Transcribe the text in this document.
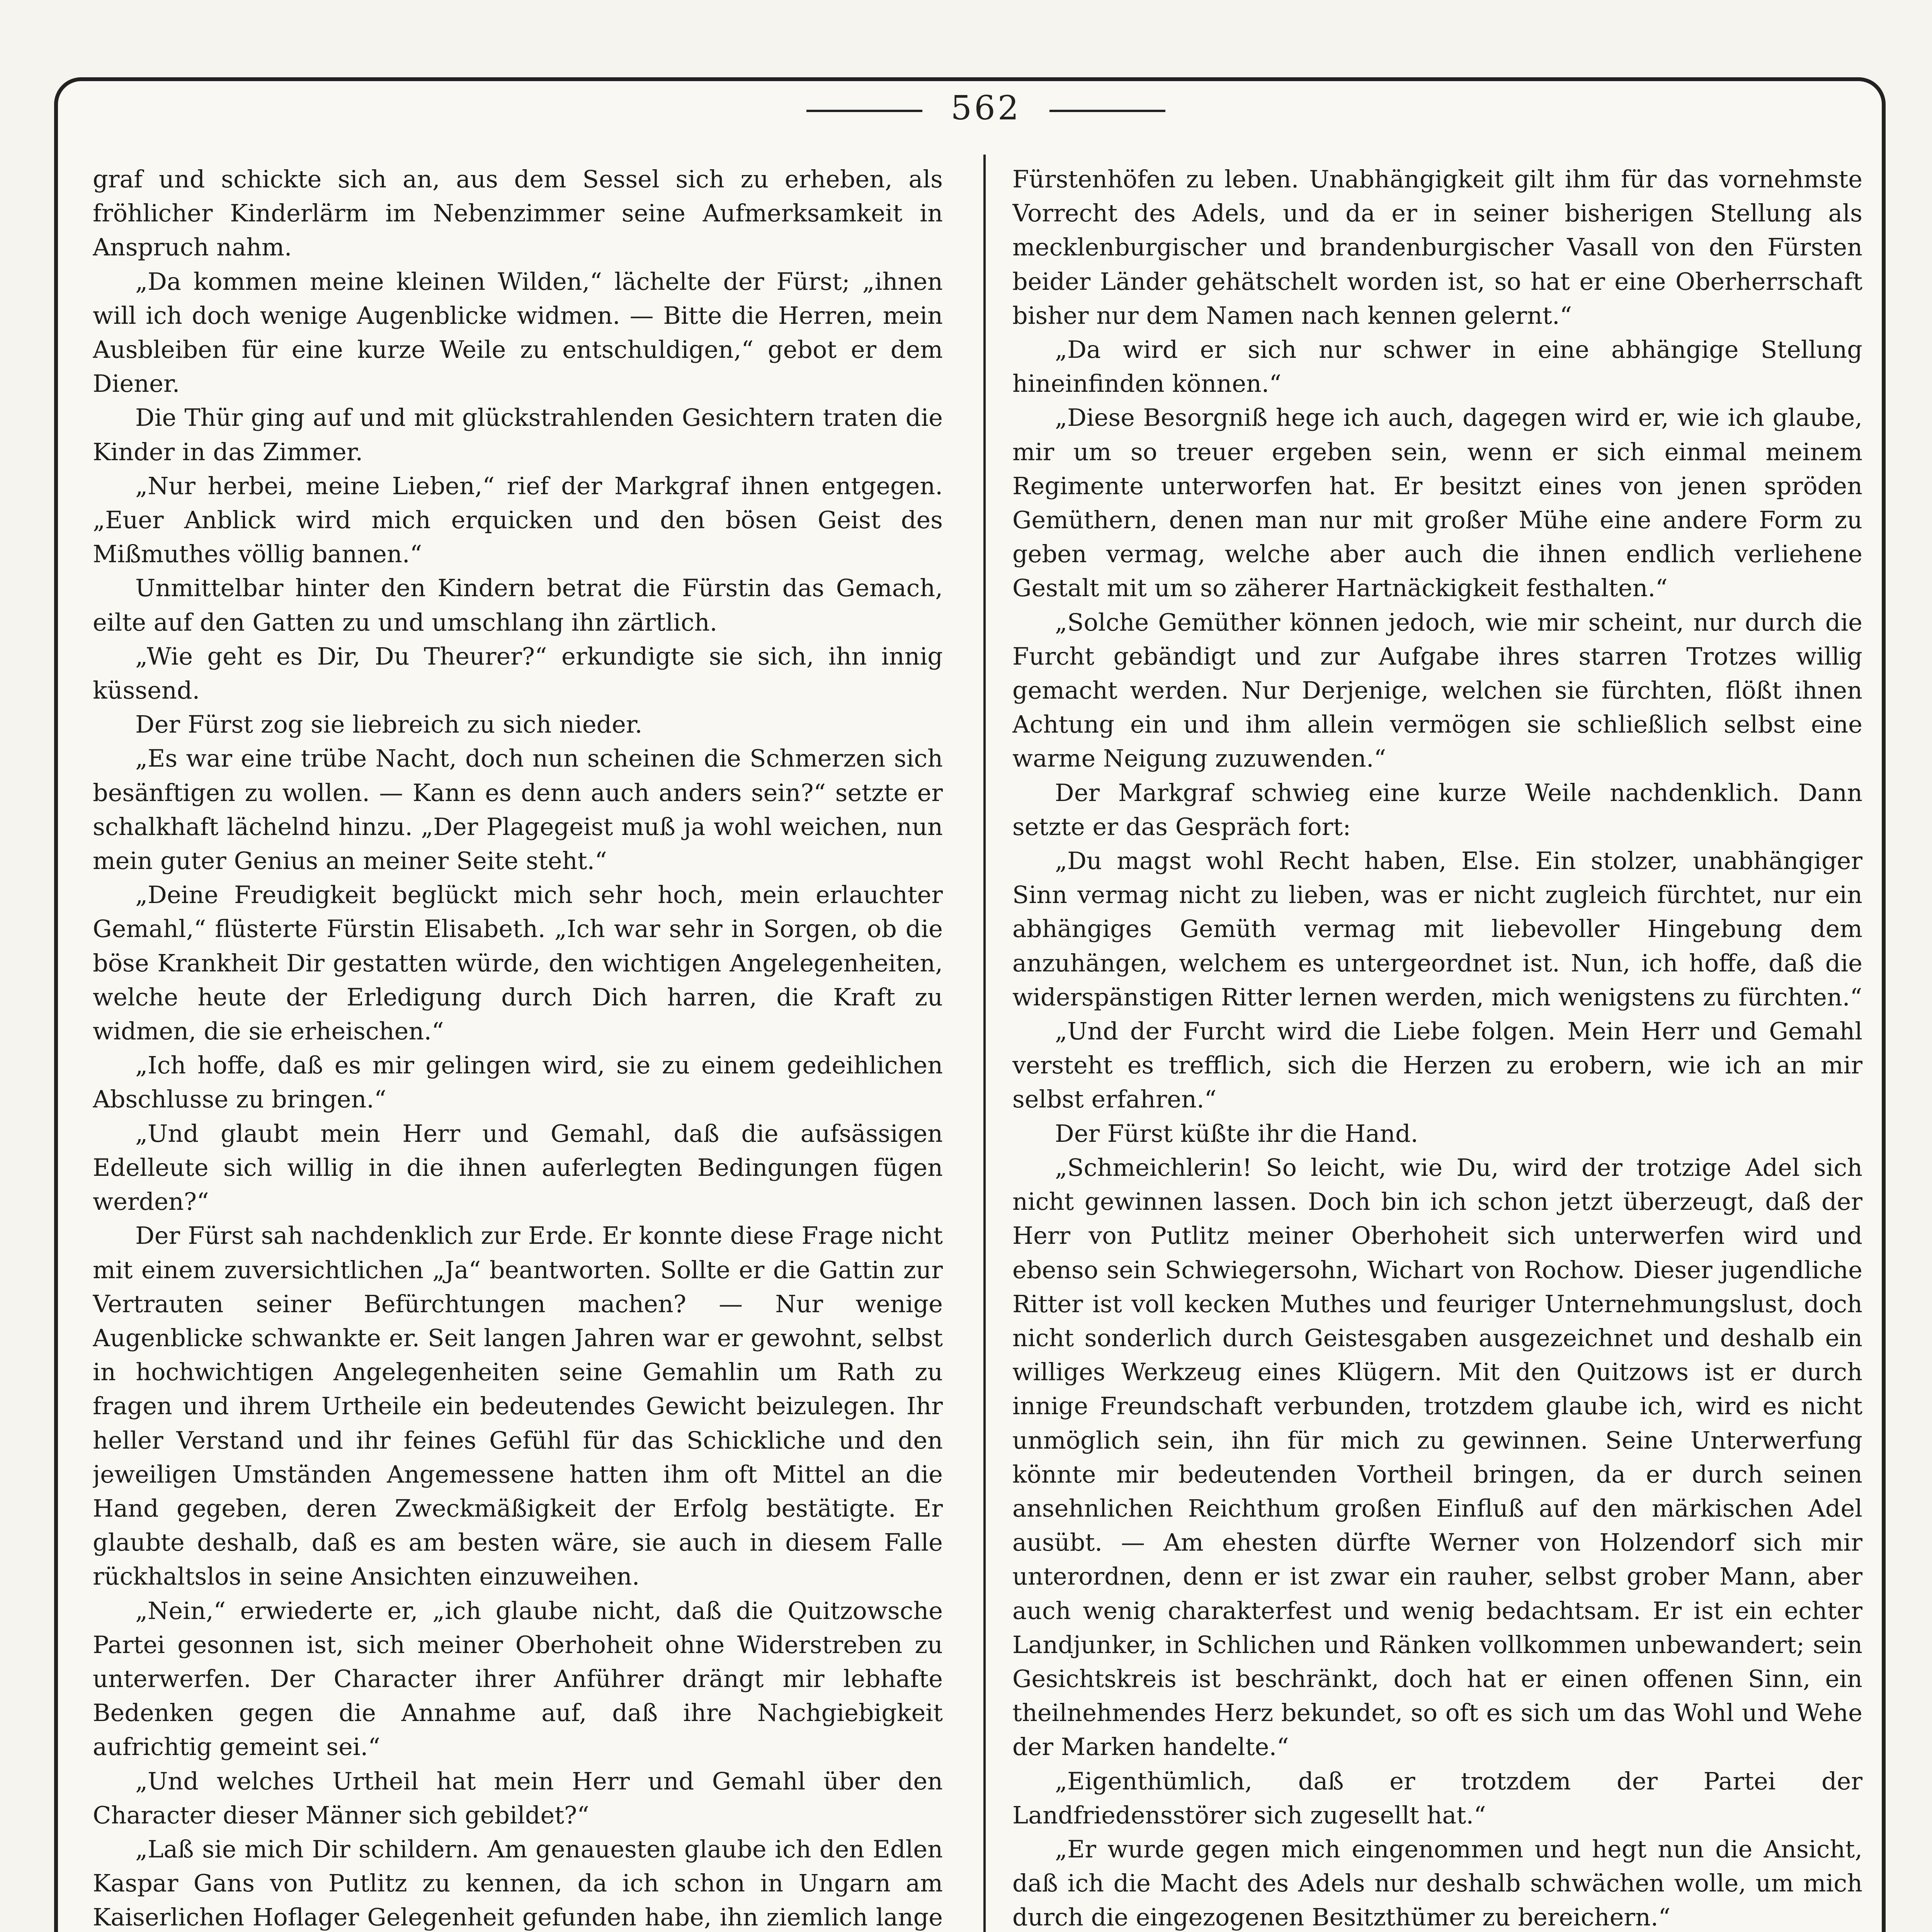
562

graf und schickte sich an, aus dem Sessel sich zu erheben, als fröhlicher Kinderlärm im Nebenzimmer seine Aufmerksamkeit in Anspruch nahm.

„Da kommen meine kleinen Wilden,“ lächelte der Fürst; „ihnen will ich doch wenige Augenblicke widmen. — Bitte die Herren, mein Ausbleiben für eine kurze Weile zu entschuldigen,“ gebot er dem Diener.

Die Thür ging auf und mit glückstrahlenden Gesichtern traten die Kinder in das Zimmer.

„Nur herbei, meine Lieben,“ rief der Markgraf ihnen entgegen. „Euer Anblick wird mich erquicken und den bösen Geist des Mißmuthes völlig bannen.“

Unmittelbar hinter den Kindern betrat die Fürstin das Gemach, eilte auf den Gatten zu und umschlang ihn zärtlich.

„Wie geht es Dir, Du Theurer?“ erkundigte sie sich, ihn innig küssend.

Der Fürst zog sie liebreich zu sich nieder.

„Es war eine trübe Nacht, doch nun scheinen die Schmerzen sich besänftigen zu wollen. — Kann es denn auch anders sein?“ setzte er schalkhaft lächelnd hinzu. „Der Plagegeist muß ja wohl weichen, nun mein guter Genius an meiner Seite steht.“

„Deine Freudigkeit beglückt mich sehr hoch, mein erlauchter Gemahl,“ flüsterte Fürstin Elisabeth. „Ich war sehr in Sorgen, ob die böse Krankheit Dir gestatten würde, den wichtigen Angelegenheiten, welche heute der Erledigung durch Dich harren, die Kraft zu widmen, die sie erheischen.“

„Ich hoffe, daß es mir gelingen wird, sie zu einem gedeihlichen Abschlusse zu bringen.“

„Und glaubt mein Herr und Gemahl, daß die aufsässigen Edelleute sich willig in die ihnen auferlegten Bedingungen fügen werden?“

Der Fürst sah nachdenklich zur Erde. Er konnte diese Frage nicht mit einem zuversichtlichen „Ja“ beantworten. Sollte er die Gattin zur Vertrauten seiner Befürchtungen machen? — Nur wenige Augenblicke schwankte er. Seit langen Jahren war er gewohnt, selbst in hochwichtigen Angelegenheiten seine Gemahlin um Rath zu fragen und ihrem Urtheile ein bedeutendes Gewicht beizulegen. Ihr heller Verstand und ihr feines Gefühl für das Schickliche und den jeweiligen Umständen Angemessene hatten ihm oft Mittel an die Hand gegeben, deren Zweckmäßigkeit der Erfolg bestätigte. Er glaubte deshalb, daß es am besten wäre, sie auch in diesem Falle rückhaltslos in seine Ansichten einzuweihen.

„Nein,“ erwiederte er, „ich glaube nicht, daß die Quitzowsche Partei gesonnen ist, sich meiner Oberhoheit ohne Widerstreben zu unterwerfen. Der Character ihrer Anführer drängt mir lebhafte Bedenken gegen die Annahme auf, daß ihre Nachgiebigkeit aufrichtig gemeint sei.“

„Und welches Urtheil hat mein Herr und Gemahl über den Character dieser Männer sich gebildet?“

„Laß sie mich Dir schildern. Am genauesten glaube ich den Edlen Kaspar Gans von Putlitz zu kennen, da ich schon in Ungarn am Kaiserlichen Hoflager Gelegenheit gefunden habe, ihn ziemlich lange

Fürstenhöfen zu leben. Unabhängigkeit gilt ihm für das vornehmste Vorrecht des Adels, und da er in seiner bisherigen Stellung als mecklenburgischer und brandenburgischer Vasall von den Fürsten beider Länder gehätschelt worden ist, so hat er eine Oberherrschaft bisher nur dem Namen nach kennen gelernt.“

„Da wird er sich nur schwer in eine abhängige Stellung hineinfinden können.“

„Diese Besorgniß hege ich auch, dagegen wird er, wie ich glaube, mir um so treuer ergeben sein, wenn er sich einmal meinem Regimente unterworfen hat. Er besitzt eines von jenen spröden Gemüthern, denen man nur mit großer Mühe eine andere Form zu geben vermag, welche aber auch die ihnen endlich verliehene Gestalt mit um so zäherer Hartnäckigkeit festhalten.“

„Solche Gemüther können jedoch, wie mir scheint, nur durch die Furcht gebändigt und zur Aufgabe ihres starren Trotzes willig gemacht werden. Nur Derjenige, welchen sie fürchten, flößt ihnen Achtung ein und ihm allein vermögen sie schließlich selbst eine warme Neigung zuzuwenden.“

Der Markgraf schwieg eine kurze Weile nachdenklich. Dann setzte er das Gespräch fort:

„Du magst wohl Recht haben, Else. Ein stolzer, unabhängiger Sinn vermag nicht zu lieben, was er nicht zugleich fürchtet, nur ein abhängiges Gemüth vermag mit liebevoller Hingebung dem anzuhängen, welchem es untergeordnet ist. Nun, ich hoffe, daß die widerspänstigen Ritter lernen werden, mich wenigstens zu fürchten.“

„Und der Furcht wird die Liebe folgen. Mein Herr und Gemahl versteht es trefflich, sich die Herzen zu erobern, wie ich an mir selbst erfahren.“

Der Fürst küßte ihr die Hand.

„Schmeichlerin! So leicht, wie Du, wird der trotzige Adel sich nicht gewinnen lassen. Doch bin ich schon jetzt überzeugt, daß der Herr von Putlitz meiner Oberhoheit sich unterwerfen wird und ebenso sein Schwiegersohn, Wichart von Rochow. Dieser jugendliche Ritter ist voll kecken Muthes und feuriger Unternehmungslust, doch nicht sonderlich durch Geistesgaben ausgezeichnet und deshalb ein williges Werkzeug eines Klügern. Mit den Quitzows ist er durch innige Freundschaft verbunden, trotzdem glaube ich, wird es nicht unmöglich sein, ihn für mich zu gewinnen. Seine Unterwerfung könnte mir bedeutenden Vortheil bringen, da er durch seinen ansehnlichen Reichthum großen Einfluß auf den märkischen Adel ausübt. — Am ehesten dürfte Werner von Holzendorf sich mir unterordnen, denn er ist zwar ein rauher, selbst grober Mann, aber auch wenig charakterfest und wenig bedachtsam. Er ist ein echter Landjunker, in Schlichen und Ränken vollkommen unbewandert; sein Gesichtskreis ist beschränkt, doch hat er einen offenen Sinn, ein theilnehmendes Herz bekundet, so oft es sich um das Wohl und Wehe der Marken handelte.“

„Eigenthümlich, daß er trotzdem der Partei der Landfriedensstörer sich zugesellt hat.“

„Er wurde gegen mich eingenommen und hegt nun die Ansicht, daß ich die Macht des Adels nur deshalb schwächen wolle, um mich durch die eingezogenen Besitzthümer zu bereichern.“
